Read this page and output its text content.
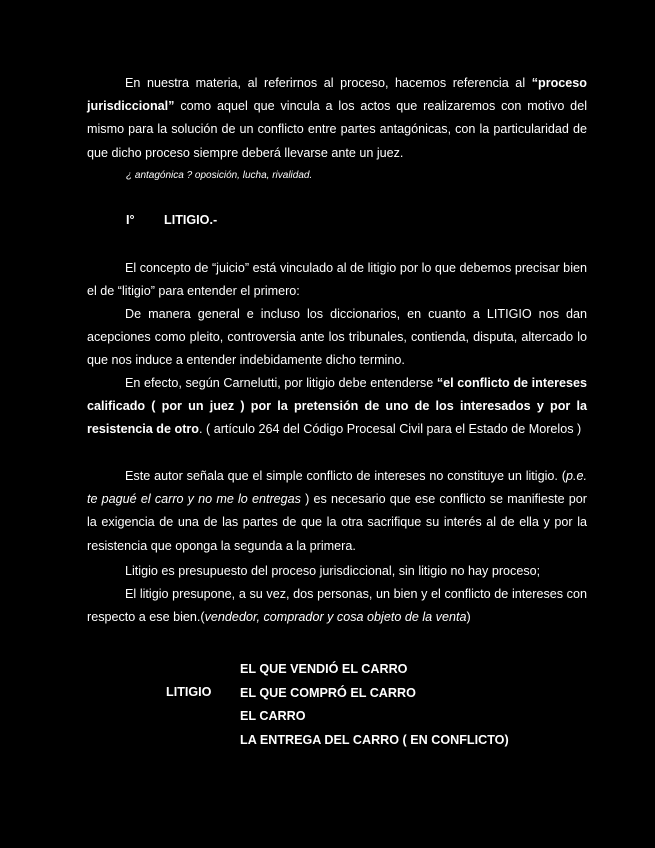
En nuestra materia, al referirnos al proceso, hacemos referencia al “proceso jurisdiccional” como aquel que vincula a los actos que realizaremos con motivo del mismo para la solución de un conflicto entre partes antagónicas, con la particularidad de que dicho proceso siempre deberá llevarse ante un juez.

¿ antagónica ? oposición, lucha, rivalidad.
I° LITIGIO.-

El concepto de “juicio” está vinculado al de litigio por lo que debemos precisar bien el de “litigio” para entender el primero:

De manera general e incluso los diccionarios, en cuanto a LITIGIO nos dan acepciones como pleito, controversia ante los tribunales, contienda, disputa, altercado lo que nos induce a entender indebidamente dicho termino.

En efecto, según Carnelutti, por litigio debe entenderse “el conflicto de intereses calificado ( por un juez ) por la pretensión de uno de los interesados y por la resistencia de otro. ( artículo 264 del Código Procesal Civil para el Estado de Morelos )

Este autor señala que el simple conflicto de intereses no constituye un litigio. (p.e. te pagué el carro y no me lo entregas ) es necesario que ese conflicto se manifieste por la exigencia de una de las partes de que la otra sacrifique su interés al de ella y por la resistencia que oponga la segunda a la primera.

Litigio es presupuesto del proceso jurisdiccional, sin litigio no hay proceso;

El litigio presupone, a su vez, dos personas, un bien y el conflicto de intereses con respecto a ese bien.(vendedor, comprador y cosa objeto de la venta)

LITIGIO
EL QUE VENDIÓ EL CARRO
EL QUE COMPRÓ EL CARRO
EL CARRO
LA ENTREGA DEL CARRO ( EN CONFLICTO)
